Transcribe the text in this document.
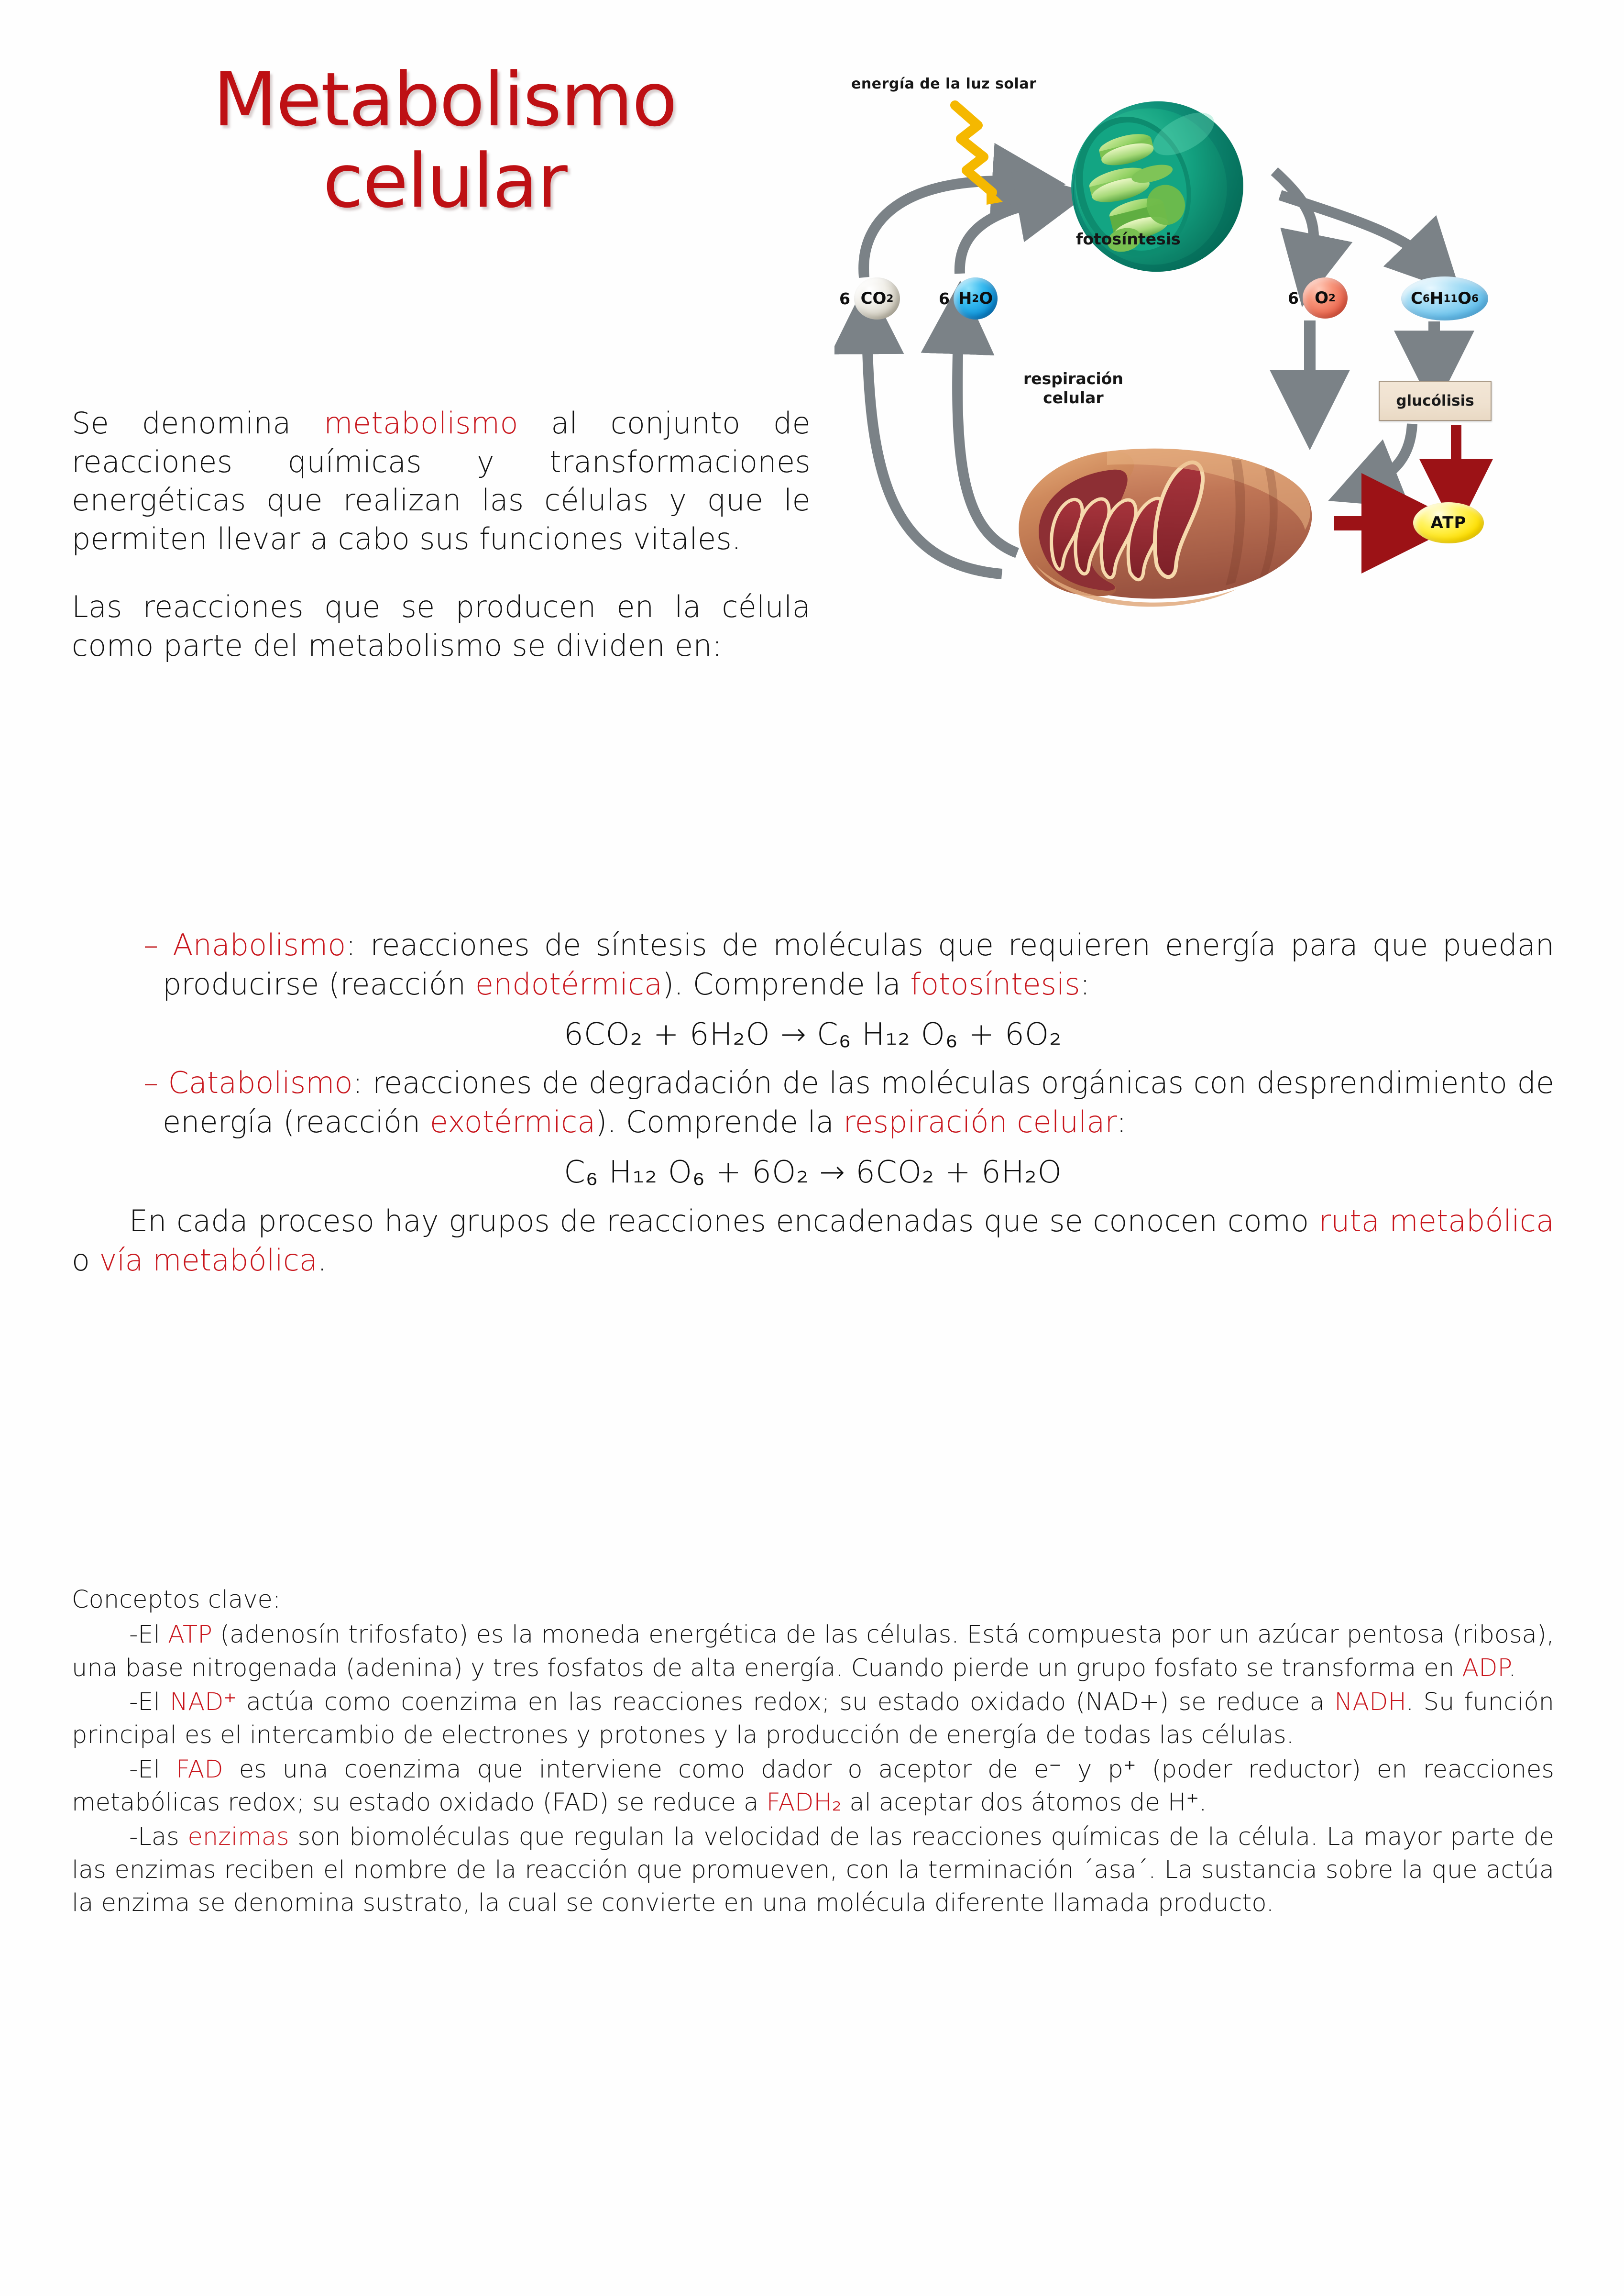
Metabolismo
celular

Se denomina metabolismo al conjunto de reacciones químicas y transformaciones energéticas que realizan las células y que le permiten llevar a cabo sus funciones vitales.

Las reacciones que se producen en la célula como parte del metabolismo se dividen en:

– Anabolismo: reacciones de síntesis de moléculas que requieren energía para que puedan producirse (reacción endotérmica). Comprende la fotosíntesis:
6CO₂ + 6H₂O → C₆ H₁₂ O₆ + 6O₂
– Catabolismo: reacciones de degradación de las moléculas orgánicas con desprendimiento de energía (reacción exotérmica). Comprende la respiración celular:
C₆ H₁₂ O₆ + 6O₂ → 6CO₂ + 6H₂O
En cada proceso hay grupos de reacciones encadenadas que se conocen como ruta metabólica o vía metabólica.
Conceptos clave:
-El ATP (adenosín trifosfato) es la moneda energética de las células. Está compuesta por un azúcar pentosa (ribosa), una base nitrogenada (adenina) y tres fosfatos de alta energía. Cuando pierde un grupo fosfato se transforma en ADP.
-El NAD⁺ actúa como coenzima en las reacciones redox; su estado oxidado (NAD+) se reduce a NADH. Su función principal es el intercambio de electrones y protones y la producción de energía de todas las células.
-El FAD es una coenzima que interviene como dador o aceptor de e⁻ y p⁺ (poder reductor) en reacciones metabólicas redox; su estado oxidado (FAD) se reduce a FADH₂ al aceptar dos átomos de H⁺.
-Las enzimas son biomoléculas que regulan la velocidad de las reacciones químicas de la célula. La mayor parte de las enzimas reciben el nombre de la reacción que promueven, con la terminación ´asa´. La sustancia sobre la que actúa la enzima se denomina sustrato, la cual se convierte en una molécula diferente llamada producto.
energía de la luz solar
fotosíntesis
respiración
celular
6 CO 2	6 H 2 O	6 O 2	C 6 H 11 O 6
ATP
glucólisis
